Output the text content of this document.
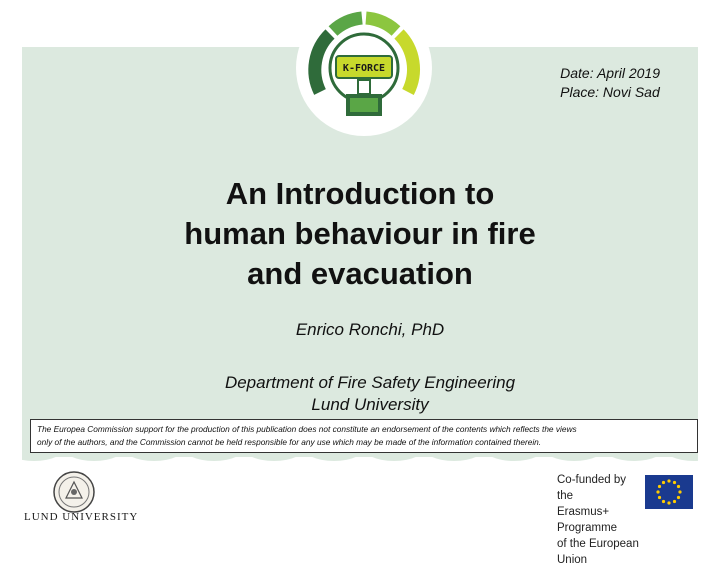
K-FORCE	Date: April 2019
Place: Novi Sad
An Introduction to
human behaviour in fire
and evacuation
Enrico Ronchi, PhD
Department of Fire Safety Engineering
Lund University
The Europea Commission support for the production of this publication does not constitute an endorsement of the contents which reflects the views
only of the authors, and the Commission cannot be held responsible for any use which may be made of the information contained therein.
LUND UNIVERSITY
Co-funded by the
Erasmus+ Programme
of the European Union
